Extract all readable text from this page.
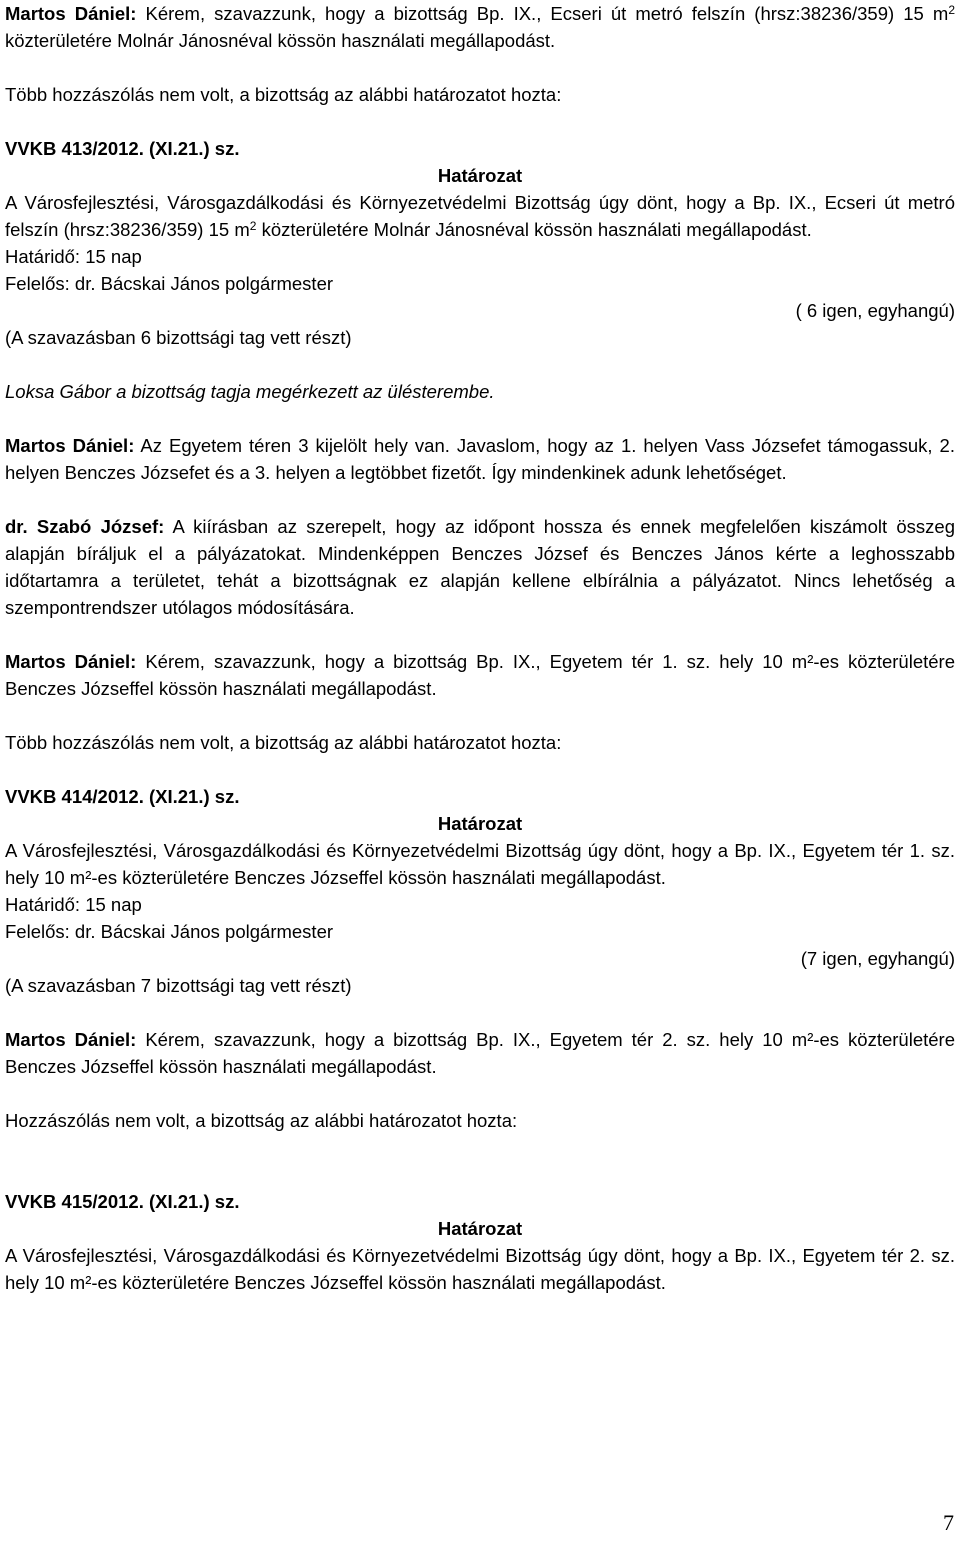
Martos Dániel: Kérem, szavazzunk, hogy a bizottság Bp. IX., Ecseri út metró felszín (hrsz:38236/359) 15 $m^2$ közterületére Molnár Jánosnéval kössön használati megállapodást.

Több hozzászólás nem volt, a bizottság az alábbi határozatot hozta:

VVKB 413/2012. (XI.21.) sz.

Határozat

A Városfejlesztési, Városgazdálkodási és Környezetvédelmi Bizottság úgy dönt, hogy a Bp. IX., Ecseri út metró felszín (hrsz:38236/359) 15 $m^2$ közterületére Molnár Jánosnéval kössön használati megállapodást.

Határidő: 15 nap

Felelős: dr. Bácskai János polgármester

( 6 igen, egyhangú)

(A szavazásban 6 bizottsági tag vett részt)

Loksa Gábor a bizottság tagja megérkezett az ülésterembe.

Martos Dániel: Az Egyetem téren 3 kijelölt hely van. Javaslom, hogy az 1. helyen Vass Józsefet támogassuk, 2. helyen Benczes Józsefet és a 3. helyen a legtöbbet fizetőt. Így mindenkinek adunk lehetőséget.

dr. Szabó József: A kiírásban az szerepelt, hogy az időpont hossza és ennek megfelelően kiszámolt összeg alapján bíráljuk el a pályázatokat. Mindenképpen Benczes József és Benczes János kérte a leghosszabb időtartamra a területet, tehát a bizottságnak ez alapján kellene elbírálnia a pályázatot. Nincs lehetőség a szempontrendszer utólagos módosítására.

Martos Dániel: Kérem, szavazzunk, hogy a bizottság Bp. IX., Egyetem tér 1. sz. hely 10 m²-es közterületére Benczes Józseffel kössön használati megállapodást.

Több hozzászólás nem volt, a bizottság az alábbi határozatot hozta:

VVKB 414/2012. (XI.21.) sz.

Határozat

A Városfejlesztési, Városgazdálkodási és Környezetvédelmi Bizottság úgy dönt, hogy a Bp. IX., Egyetem tér 1. sz. hely 10 m²-es közterületére Benczes Józseffel kössön használati megállapodást.

Határidő: 15 nap

Felelős: dr. Bácskai János polgármester

(7 igen, egyhangú)

(A szavazásban 7 bizottsági tag vett részt)

Martos Dániel: Kérem, szavazzunk, hogy a bizottság Bp. IX., Egyetem tér 2. sz. hely 10 m²-es közterületére Benczes Józseffel kössön használati megállapodást.

Hozzászólás nem volt, a bizottság az alábbi határozatot hozta:

VVKB 415/2012. (XI.21.) sz.

Határozat

A Városfejlesztési, Városgazdálkodási és Környezetvédelmi Bizottság úgy dönt, hogy a Bp. IX., Egyetem tér 2. sz. hely 10 m²-es közterületére Benczes Józseffel kössön használati megállapodást.

7
